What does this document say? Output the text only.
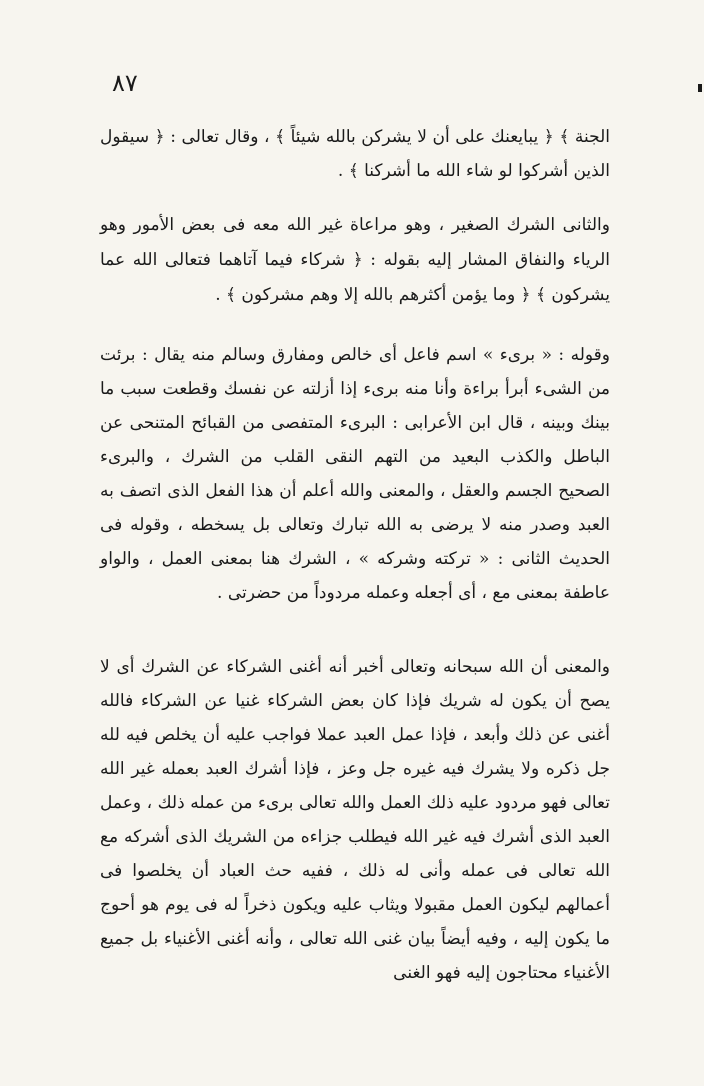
٨٧

الجنة ﴾ ﴿ يبايعنك على أن لا يشركن بالله شيئاً ﴾ ، وقال تعالى : ﴿ سيقول الذين أشركوا لو شاء الله ما أشركنا ﴾ .

والثانى الشرك الصغير ، وهو مراعاة غير الله معه فى بعض الأمور وهو الرياء والنفاق المشار إليه بقوله : ﴿ شركاء فيما آتاهما فتعالى الله عما يشركون ﴾ ﴿ وما يؤمن أكثرهم بالله إلا وهم مشركون ﴾ .

وقوله : « برىء » اسم فاعل أى خالص ومفارق وسالم منه يقال : برئت من الشىء أبرأ براءة وأنا منه برىء إذا أزلته عن نفسك وقطعت سبب ما بينك وبينه ، قال ابن الأعرابى : البرىء المتفصى من القبائح المتنحى عن الباطل والكذب البعيد من التهم النقى القلب من الشرك ، والبرىء الصحيح الجسم والعقل ، والمعنى والله أعلم أن هذا الفعل الذى اتصف به العبد وصدر منه لا يرضى به الله تبارك وتعالى بل يسخطه ، وقوله فى الحديث الثانى : « تركته وشركه » ، الشرك هنا بمعنى العمل ، والواو عاطفة بمعنى مع ، أى أجعله وعمله مردوداً من حضرتى .

والمعنى أن الله سبحانه وتعالى أخبر أنه أغنى الشركاء عن الشرك أى لا يصح أن يكون له شريك فإذا كان بعض الشركاء غنيا عن الشركاء فالله أغنى عن ذلك وأبعد ، فإذا عمل العبد عملا فواجب عليه أن يخلص فيه لله جل ذكره ولا يشرك فيه غيره جل وعز ، فإذا أشرك العبد بعمله غير الله تعالى فهو مردود عليه ذلك العمل والله تعالى برىء من عمله ذلك ، وعمل العبد الذى أشرك فيه غير الله فيطلب جزاءه من الشريك الذى أشركه مع الله تعالى فى عمله وأنى له ذلك ، ففيه حث العباد أن يخلصوا فى أعمالهم ليكون العمل مقبولا ويثاب عليه ويكون ذخراً له فى يوم هو أحوج ما يكون إليه ، وفيه أيضاً بيان غنى الله تعالى ، وأنه أغنى الأغنياء بل جميع الأغنياء محتاجون إليه فهو الغنى
